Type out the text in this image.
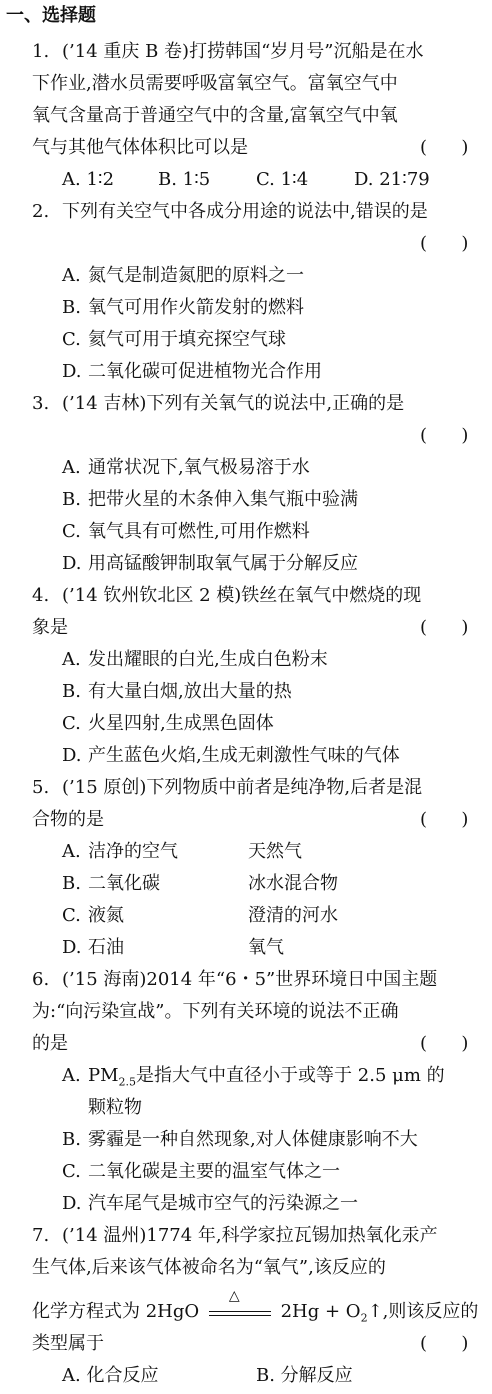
一、选择题
1. (’14 重庆 B 卷)打捞韩国“岁月号”沉船是在水
下作业,潜水员需要呼吸富氧空气。富氧空气中
氧气含量高于普通空气中的含量,富氧空气中氧
气与其他气体体积比可以是	(      )
A. 1∶2 B. 1∶5	C. 1∶4	D. 21∶79
2. 下列有关空气中各成分用途的说法中,错误的是
(      )
A. 氮气是制造氮肥的原料之一
B. 氧气可用作火箭发射的燃料
C. 氦气可用于填充探空气球
D. 二氧化碳可促进植物光合作用
3. (’14 吉林)下列有关氧气的说法中,正确的是
(      )
A. 通常状况下,氧气极易溶于水
B. 把带火星的木条伸入集气瓶中验满
C. 氧气具有可燃性,可用作燃料
D. 用高锰酸钾制取氧气属于分解反应
4. (’14 钦州钦北区 2 模)铁丝在氧气中燃烧的现
象是	(      )
A. 发出耀眼的白光,生成白色粉末
B. 有大量白烟,放出大量的热
C. 火星四射,生成黑色固体
D. 产生蓝色火焰,生成无刺激性气味的气体
5. (’15 原创)下列物质中前者是纯净物,后者是混
合物的是	(      )
A. 洁净的空气	天然气
B. 二氧化碳	冰水混合物
C. 液氮	澄清的河水
D. 石油	氧气
6. (’15 海南)2014 年“6・5”世界环境日中国主题
为:“向污染宣战”。下列有关环境的说法不正确
的是	(      )
A. $PM_{2.5}$是指大气中直径小于或等于 2.5 μm 的
颗粒物
B. 雾霾是一种自然现象,对人体健康影响不大
C. 二氧化碳是主要的温室气体之一
D. 汽车尾气是城市空气的污染源之一
7. (’14 温州)1774 年,科学家拉瓦锡加热氧化汞产
生气体,后来该气体被命名为“氧气”,该反应的
化学方程式为 2HgO
△
$2Hg + O_2↑$,则该反应的
类型属于	(      )
A. 化合反应	B. 分解反应
